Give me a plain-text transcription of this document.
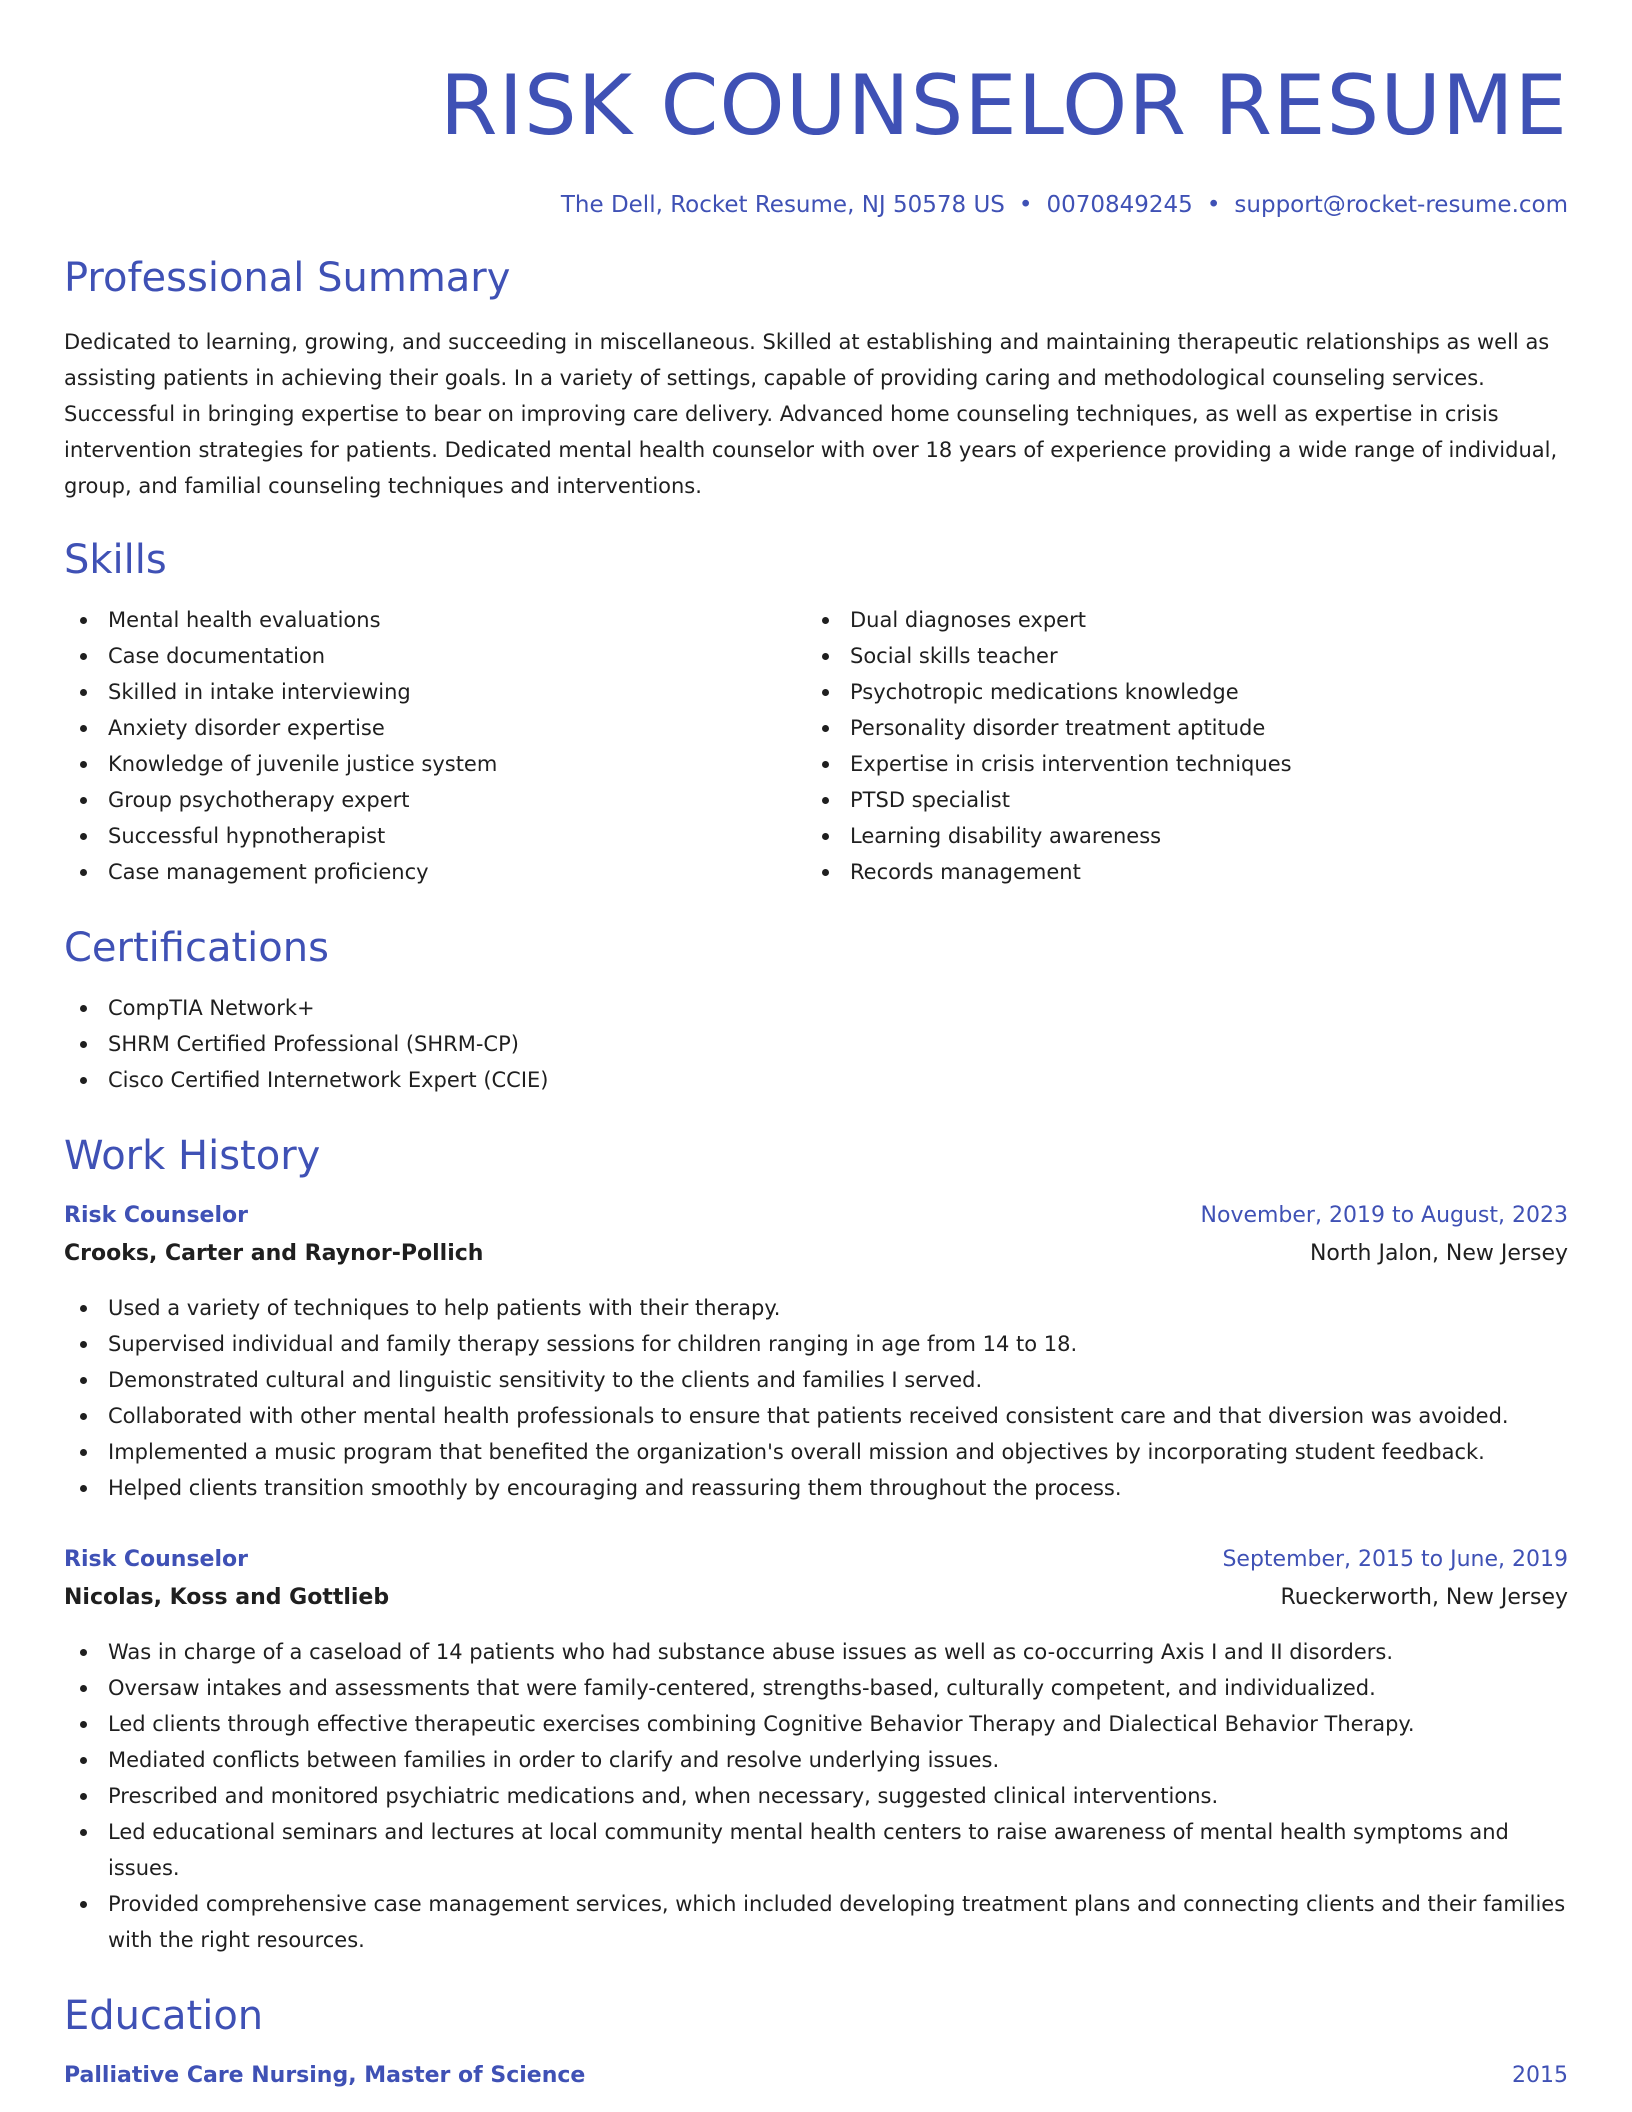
RISK COUNSELOR RESUME
The Dell, Rocket Resume, NJ 50578 US • 0070849245 • support@rocket-resume.com
Professional Summary

Dedicated to learning, growing, and succeeding in miscellaneous. Skilled at establishing and maintaining therapeutic relationships as well as assisting patients in achieving their goals. In a variety of settings, capable of providing caring and methodological counseling services. Successful in bringing expertise to bear on improving care delivery. Advanced home counseling techniques, as well as expertise in crisis intervention strategies for patients. Dedicated mental health counselor with over 18 years of experience providing a wide range of individual, group, and familial counseling techniques and interventions.

Skills
Mental health evaluations
Case documentation
Skilled in intake interviewing
Anxiety disorder expertise
Knowledge of juvenile justice system
Group psychotherapy expert
Successful hypnotherapist
Case management proficiency
Dual diagnoses expert
Social skills teacher
Psychotropic medications knowledge
Personality disorder treatment aptitude
Expertise in crisis intervention techniques
PTSD specialist
Learning disability awareness
Records management
Certifications
CompTIA Network+
SHRM Certified Professional (SHRM-CP)
Cisco Certified Internetwork Expert (CCIE)
Work History
Risk Counselor	November, 2019 to August, 2023
Crooks, Carter and Raynor-Pollich	North Jalon, New Jersey
Used a variety of techniques to help patients with their therapy.
Supervised individual and family therapy sessions for children ranging in age from 14 to 18.
Demonstrated cultural and linguistic sensitivity to the clients and families I served.
Collaborated with other mental health professionals to ensure that patients received consistent care and that diversion was avoided.
Implemented a music program that benefited the organization's overall mission and objectives by incorporating student feedback.
Helped clients transition smoothly by encouraging and reassuring them throughout the process.
Risk Counselor	September, 2015 to June, 2019
Nicolas, Koss and Gottlieb	Rueckerworth, New Jersey
Was in charge of a caseload of 14 patients who had substance abuse issues as well as co-occurring Axis I and II disorders.
Oversaw intakes and assessments that were family-centered, strengths-based, culturally competent, and individualized.
Led clients through effective therapeutic exercises combining Cognitive Behavior Therapy and Dialectical Behavior Therapy.
Mediated conflicts between families in order to clarify and resolve underlying issues.
Prescribed and monitored psychiatric medications and, when necessary, suggested clinical interventions.
Led educational seminars and lectures at local community mental health centers to raise awareness of mental health symptoms and issues.
Provided comprehensive case management services, which included developing treatment plans and connecting clients and their families with the right resources.
Education
Palliative Care Nursing, Master of Science	2015
